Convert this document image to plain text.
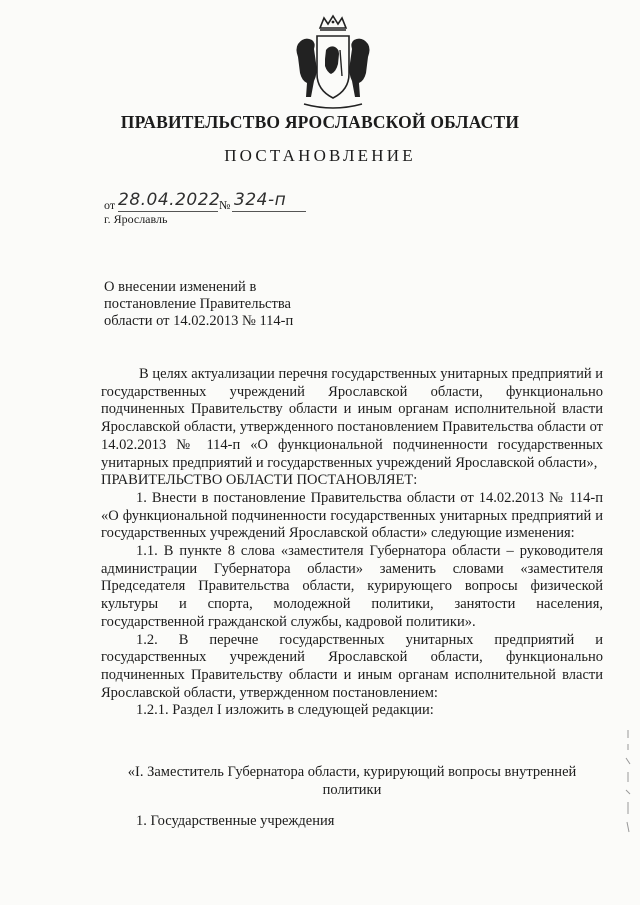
ПРАВИТЕЛЬСТВО ЯРОСЛАВСКОЙ ОБЛАСТИ
ПОСТАНОВЛЕНИЕ
от 28.04.2022
№ 324-п
г. Ярославль
О внесении изменений в
постановление Правительства
области от 14.02.2013 № 114-п

В целях актуализации перечня государственных унитарных предприятий и государственных учреждений Ярославской области, функционально подчиненных Правительству области и иным органам исполнительной власти Ярославской области, утвержденного постановлением Правительства области от 14.02.2013 № 114-п «О функциональной подчиненности государственных унитарных предприятий и государственных учреждений Ярославской области»,

ПРАВИТЕЛЬСТВО ОБЛАСТИ ПОСТАНОВЛЯЕТ:

1. Внести в постановление Правительства области от 14.02.2013 № 114-п «О функциональной подчиненности государственных унитарных предприятий и государственных учреждений Ярославской области» следующие изменения:

1.1. В пункте 8 слова «заместителя Губернатора области – руководителя администрации Губернатора области» заменить словами «заместителя Председателя Правительства области, курирующего вопросы физической культуры и спорта, молодежной политики, занятости населения, государственной гражданской службы, кадровой политики».

1.2. В перечне государственных унитарных предприятий и государственных учреждений Ярославской области, функционально подчиненных Правительству области и иным органам исполнительной власти Ярославской области, утвержденном постановлением:

1.2.1. Раздел I изложить в следующей редакции:

«I. Заместитель Губернатора области, курирующий вопросы внутренней политики
1. Государственные учреждения
